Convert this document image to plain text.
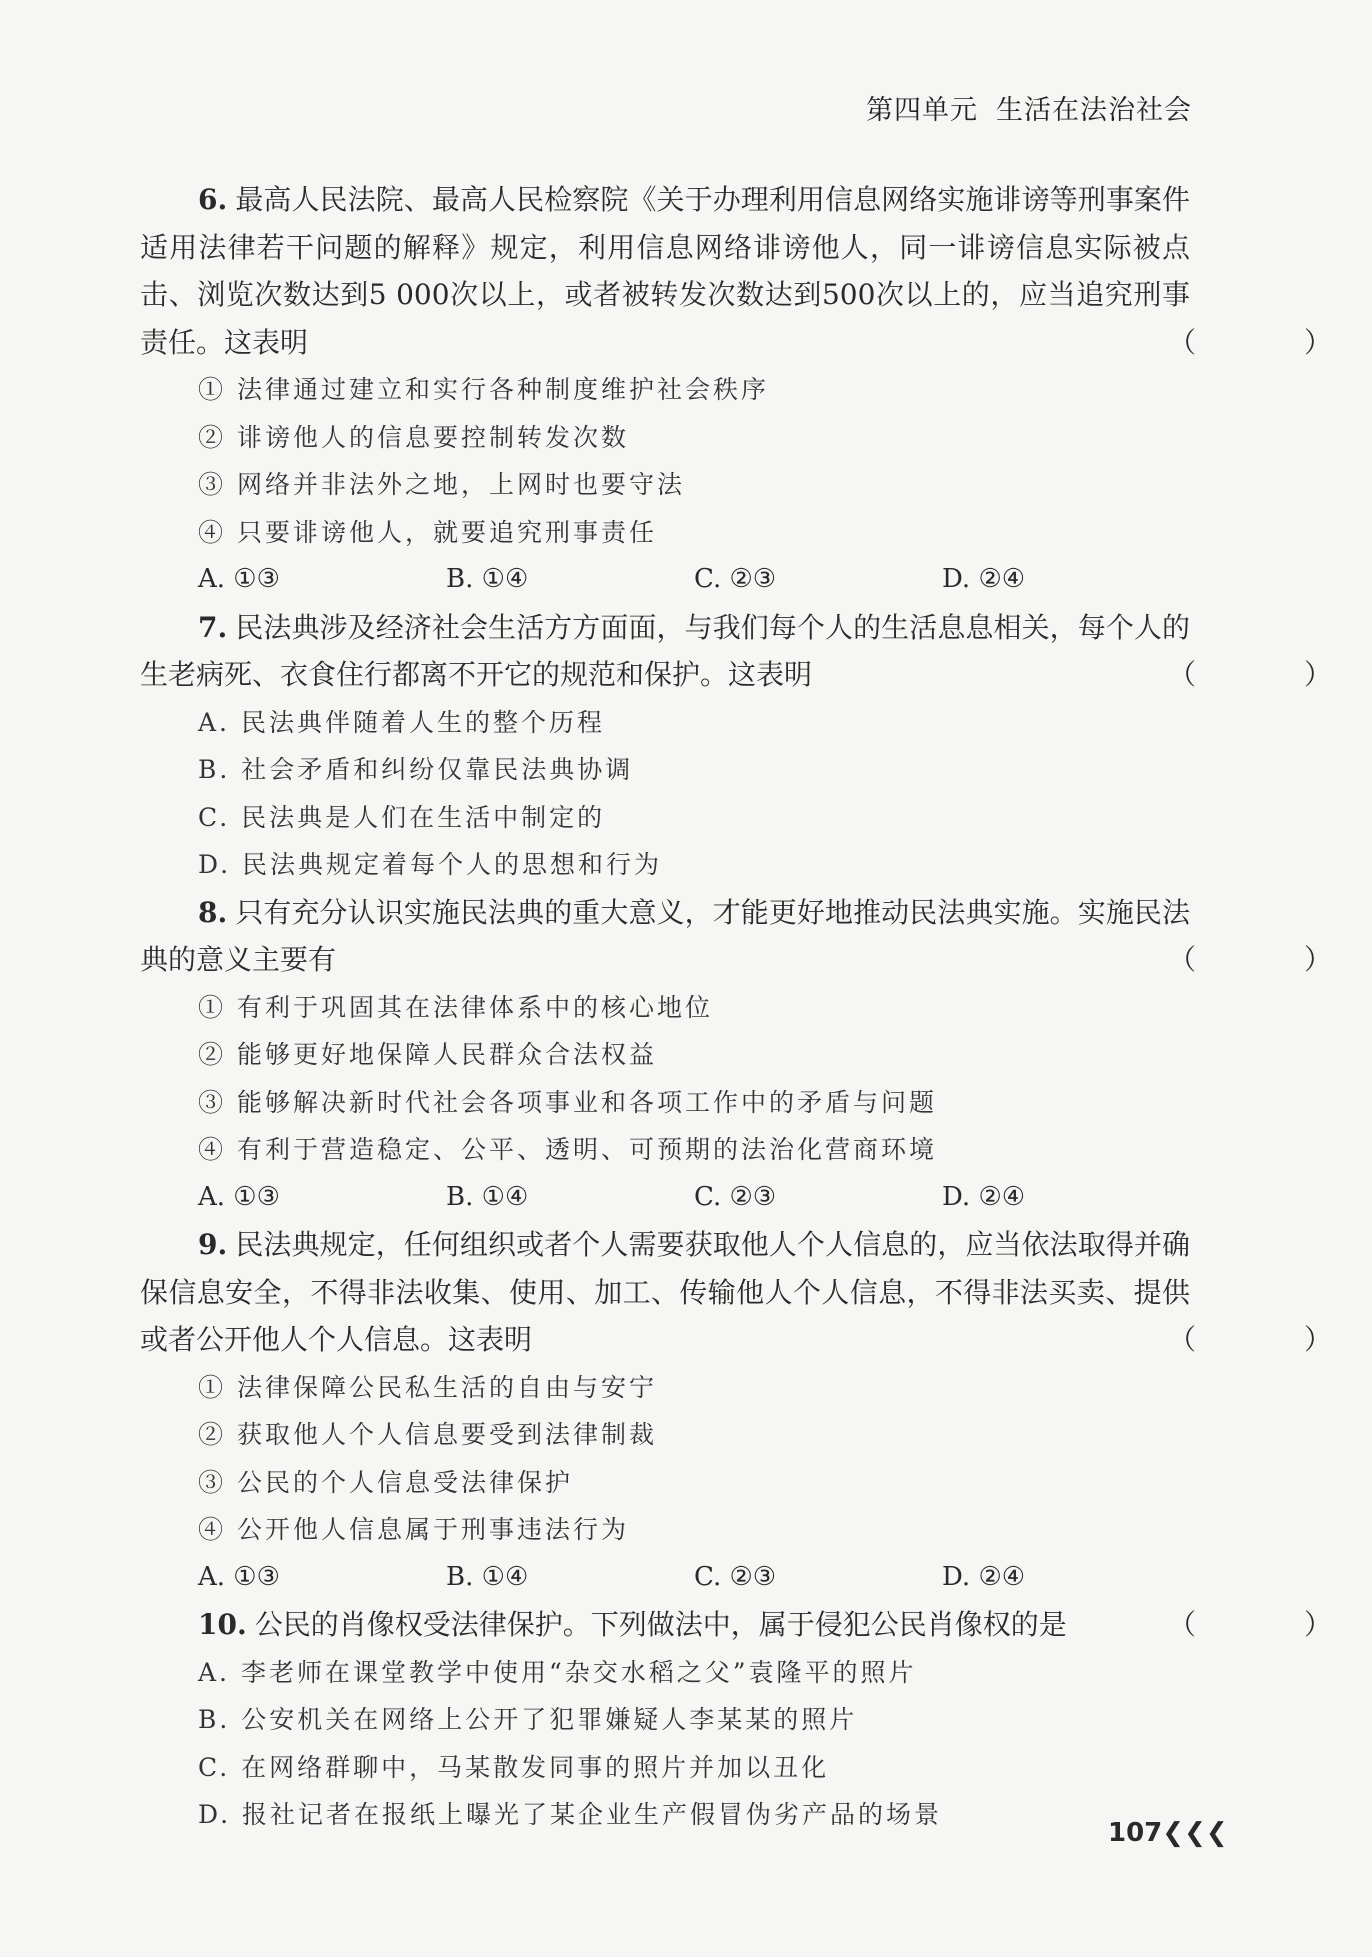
第四单元 生活在法治社会

6. 最高人民法院、最高人民检察院《关于办理利用信息网络实施诽谤等刑事案件适用法律若干问题的解释》规定，利用信息网络诽谤他人，同一诽谤信息实际被点击、浏览次数达到5 000次以上，或者被转发次数达到500次以上的，应当追究刑事责任。这表明	（　）

① 法律通过建立和实行各种制度维护社会秩序

② 诽谤他人的信息要控制转发次数

③ 网络并非法外之地，上网时也要守法

④ 只要诽谤他人，就要追究刑事责任

A. ①③	B. ①④	C. ②③	D. ②④

7. 民法典涉及经济社会生活方方面面，与我们每个人的生活息息相关，每个人的生老病死、衣食住行都离不开它的规范和保护。这表明	（　）

A. 民法典伴随着人生的整个历程

B. 社会矛盾和纠纷仅靠民法典协调

C. 民法典是人们在生活中制定的

D. 民法典规定着每个人的思想和行为

8. 只有充分认识实施民法典的重大意义，才能更好地推动民法典实施。实施民法典的意义主要有	（　）

① 有利于巩固其在法律体系中的核心地位

② 能够更好地保障人民群众合法权益

③ 能够解决新时代社会各项事业和各项工作中的矛盾与问题

④ 有利于营造稳定、公平、透明、可预期的法治化营商环境

A. ①③	B. ①④	C. ②③	D. ②④

9. 民法典规定，任何组织或者个人需要获取他人个人信息的，应当依法取得并确保信息安全，不得非法收集、使用、加工、传输他人个人信息，不得非法买卖、提供或者公开他人个人信息。这表明	（　）

① 法律保障公民私生活的自由与安宁

② 获取他人个人信息要受到法律制裁

③ 公民的个人信息受法律保护

④ 公开他人信息属于刑事违法行为

A. ①③	B. ①④	C. ②③	D. ②④

10. 公民的肖像权受法律保护。下列做法中，属于侵犯公民肖像权的是	（　）

A. 李老师在课堂教学中使用“杂交水稻之父”袁隆平的照片

B. 公安机关在网络上公开了犯罪嫌疑人李某某的照片

C. 在网络群聊中，马某散发同事的照片并加以丑化

D. 报社记者在报纸上曝光了某企业生产假冒伪劣产品的场景

107❮❮❮
